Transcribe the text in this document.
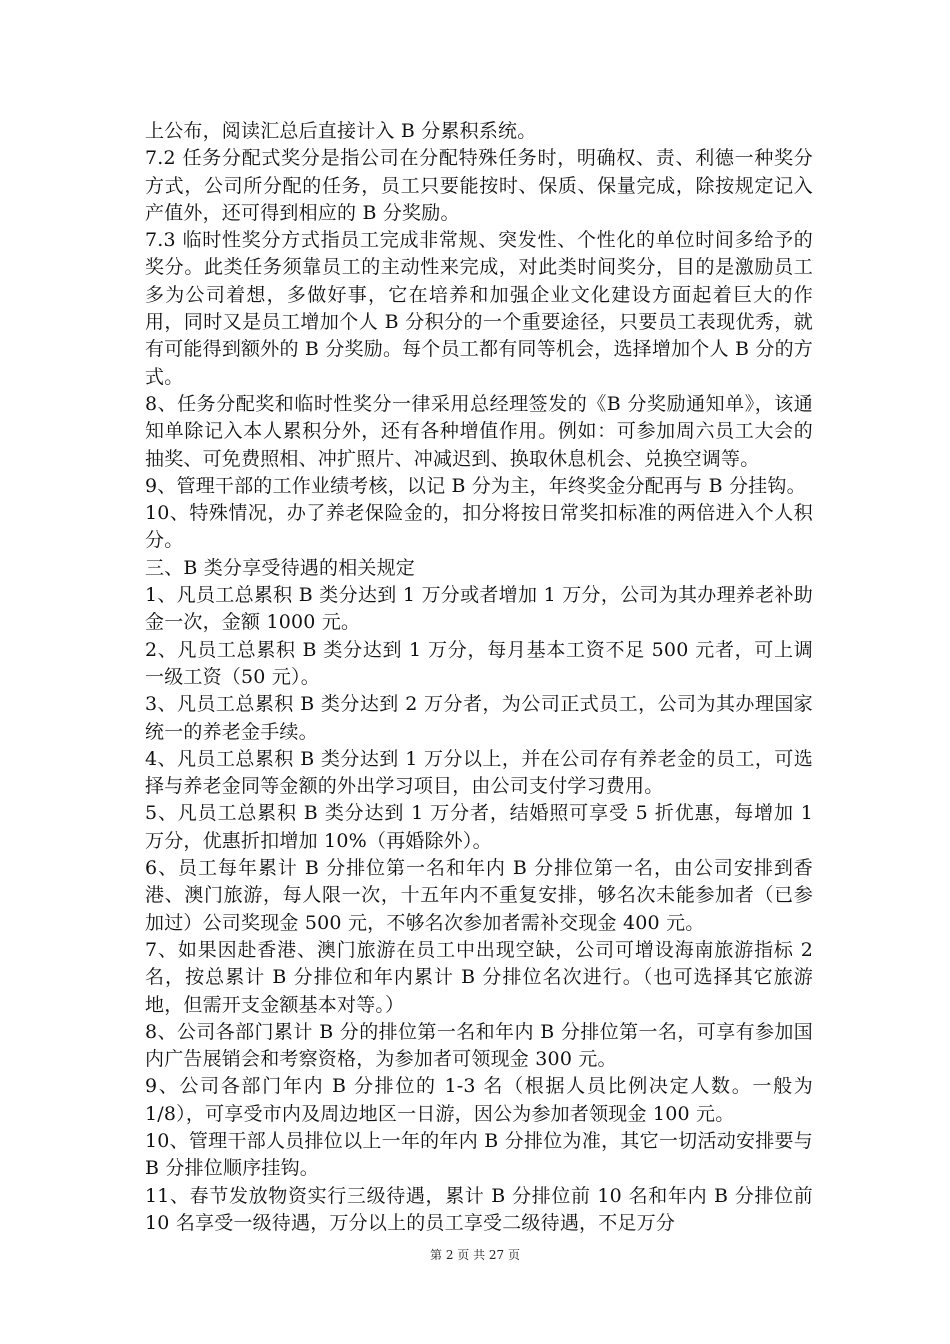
上公布，阅读汇总后直接计入 B 分累积系统。

7.2 任务分配式奖分是指公司在分配特殊任务时，明确权、责、利德一种奖分方式，公司所分配的任务，员工只要能按时、保质、保量完成，除按规定记入产值外，还可得到相应的 B 分奖励。

7.3 临时性奖分方式指员工完成非常规、突发性、个性化的单位时间多给予的奖分。此类任务须靠员工的主动性来完成，对此类时间奖分，目的是激励员工多为公司着想，多做好事，它在培养和加强企业文化建设方面起着巨大的作用，同时又是员工增加个人 B 分积分的一个重要途径，只要员工表现优秀，就有可能得到额外的 B 分奖励。每个员工都有同等机会，选择增加个人 B 分的方式。

8、任务分配奖和临时性奖分一律采用总经理签发的《B 分奖励通知单》，该通知单除记入本人累积分外，还有各种增值作用。例如：可参加周六员工大会的抽奖、可免费照相、冲扩照片、冲减迟到、换取休息机会、兑换空调等。

9、管理干部的工作业绩考核，以记 B 分为主，年终奖金分配再与 B 分挂钩。

10、特殊情况，办了养老保险金的，扣分将按日常奖扣标准的两倍进入个人积分。

三、B 类分享受待遇的相关规定

1、凡员工总累积 B 类分达到 1 万分或者增加 1 万分，公司为其办理养老补助金一次，金额 1000 元。

2、凡员工总累积 B 类分达到 1 万分，每月基本工资不足 500 元者，可上调一级工资（50 元）。

3、凡员工总累积 B 类分达到 2 万分者，为公司正式员工，公司为其办理国家统一的养老金手续。

4、凡员工总累积 B 类分达到 1 万分以上，并在公司存有养老金的员工，可选择与养老金同等金额的外出学习项目，由公司支付学习费用。

5、凡员工总累积 B 类分达到 1 万分者，结婚照可享受 5 折优惠，每增加 1 万分，优惠折扣增加 10%（再婚除外）。

6、员工每年累计 B 分排位第一名和年内 B 分排位第一名，由公司安排到香港、澳门旅游，每人限一次，十五年内不重复安排，够名次未能参加者（已参加过）公司奖现金 500 元，不够名次参加者需补交现金 400 元。

7、如果因赴香港、澳门旅游在员工中出现空缺，公司可增设海南旅游指标 2 名，按总累计 B 分排位和年内累计 B 分排位名次进行。（也可选择其它旅游地，但需开支金额基本对等。）

8、公司各部门累计 B 分的排位第一名和年内 B 分排位第一名，可享有参加国内广告展销会和考察资格，为参加者可领现金 300 元。

9、公司各部门年内 B 分排位的 1-3 名（根据人员比例决定人数。一般为 1/8），可享受市内及周边地区一日游，因公为参加者领现金 100 元。

10、管理干部人员排位以上一年的年内 B 分排位为准，其它一切活动安排要与 B 分排位顺序挂钩。

11、春节发放物资实行三级待遇，累计 B 分排位前 10 名和年内 B 分排位前 10 名享受一级待遇，万分以上的员工享受二级待遇，不足万分

第 2 页 共 27 页
